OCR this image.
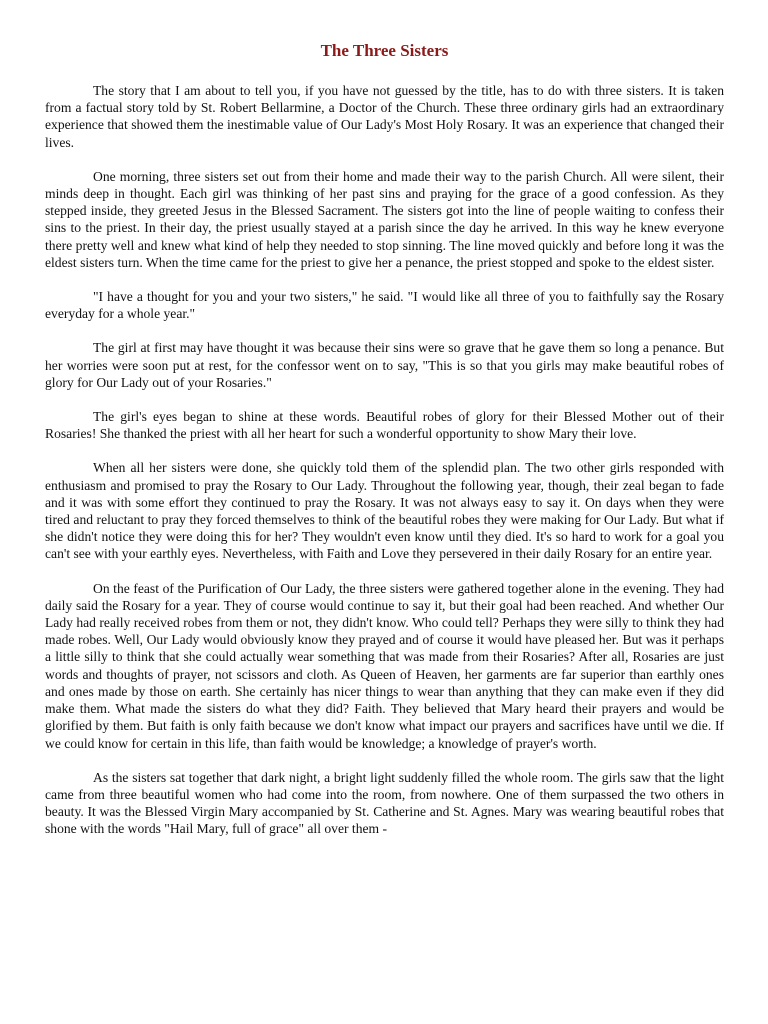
The Three Sisters

The story that I am about to tell you, if you have not guessed by the title, has to do with three sisters. It is taken from a factual story told by St. Robert Bellarmine, a Doctor of the Church. These three ordinary girls had an extraordinary experience that showed them the inestimable value of Our Lady's Most Holy Rosary. It was an experience that changed their lives.

One morning, three sisters set out from their home and made their way to the parish Church. All were silent, their minds deep in thought. Each girl was thinking of her past sins and praying for the grace of a good confession. As they stepped inside, they greeted Jesus in the Blessed Sacrament. The sisters got into the line of people waiting to confess their sins to the priest. In their day, the priest usually stayed at a parish since the day he arrived. In this way he knew everyone there pretty well and knew what kind of help they needed to stop sinning. The line moved quickly and before long it was the eldest sisters turn. When the time came for the priest to give her a penance, the priest stopped and spoke to the eldest sister.

"I have a thought for you and your two sisters," he said. "I would like all three of you to faithfully say the Rosary everyday for a whole year."

The girl at first may have thought it was because their sins were so grave that he gave them so long a penance. But her worries were soon put at rest, for the confessor went on to say, "This is so that you girls may make beautiful robes of glory for Our Lady out of your Rosaries."

The girl's eyes began to shine at these words. Beautiful robes of glory for their Blessed Mother out of their Rosaries! She thanked the priest with all her heart for such a wonderful opportunity to show Mary their love.

When all her sisters were done, she quickly told them of the splendid plan. The two other girls responded with enthusiasm and promised to pray the Rosary to Our Lady. Throughout the following year, though, their zeal began to fade and it was with some effort they continued to pray the Rosary. It was not always easy to say it. On days when they were tired and reluctant to pray they forced themselves to think of the beautiful robes they were making for Our Lady. But what if she didn't notice they were doing this for her? They wouldn't even know until they died. It's so hard to work for a goal you can't see with your earthly eyes. Nevertheless, with Faith and Love they persevered in their daily Rosary for an entire year.

On the feast of the Purification of Our Lady, the three sisters were gathered together alone in the evening. They had daily said the Rosary for a year. They of course would continue to say it, but their goal had been reached. And whether Our Lady had really received robes from them or not, they didn't know. Who could tell? Perhaps they were silly to think they had made robes. Well, Our Lady would obviously know they prayed and of course it would have pleased her. But was it perhaps a little silly to think that she could actually wear something that was made from their Rosaries? After all, Rosaries are just words and thoughts of prayer, not scissors and cloth. As Queen of Heaven, her garments are far superior than earthly ones and ones made by those on earth. She certainly has nicer things to wear than anything that they can make even if they did make them. What made the sisters do what they did? Faith. They believed that Mary heard their prayers and would be glorified by them. But faith is only faith because we don't know what impact our prayers and sacrifices have until we die. If we could know for certain in this life, than faith would be knowledge; a knowledge of prayer's worth.

As the sisters sat together that dark night, a bright light suddenly filled the whole room. The girls saw that the light came from three beautiful women who had come into the room, from nowhere. One of them surpassed the two others in beauty. It was the Blessed Virgin Mary accompanied by St. Catherine and St. Agnes. Mary was wearing beautiful robes that shone with the words "Hail Mary, full of grace" all over them -
